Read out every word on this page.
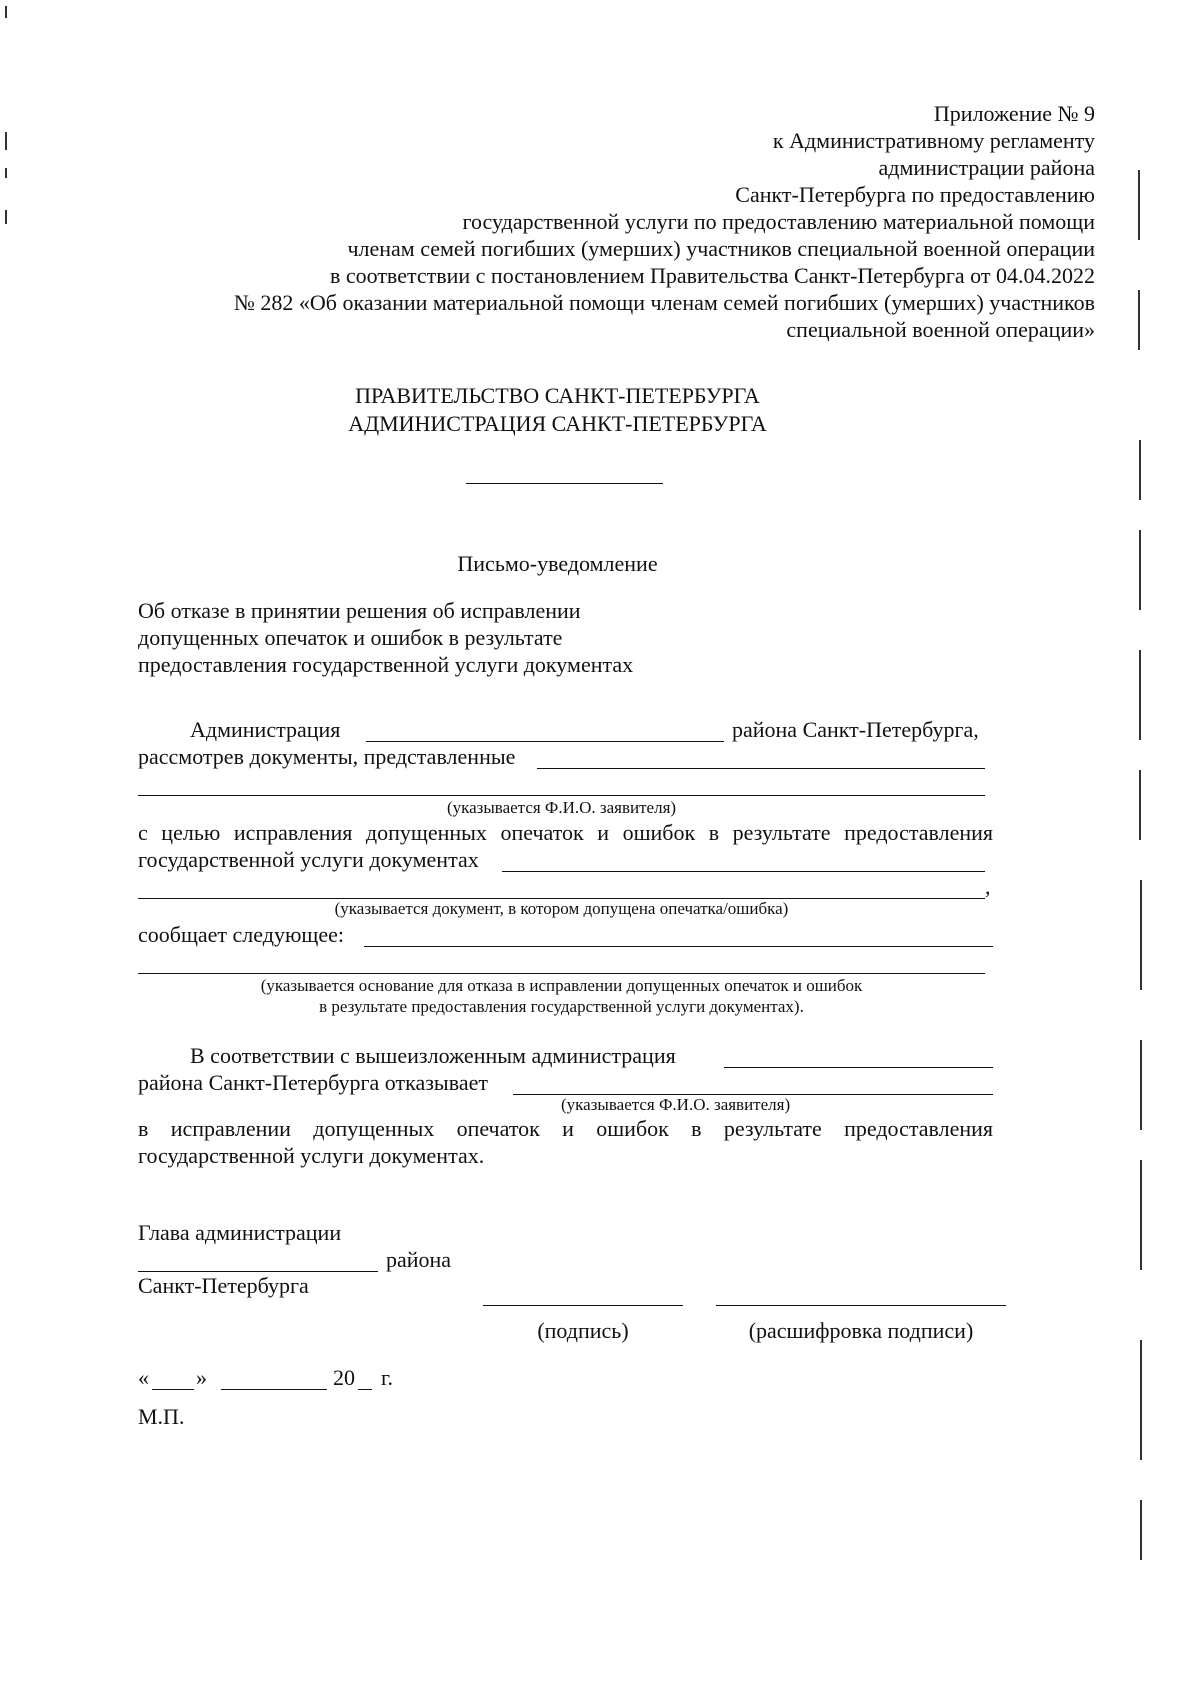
Приложение № 9
к Административному регламенту
администрации района
Санкт-Петербурга по предоставлению
государственной услуги по предоставлению материальной помощи
членам семей погибших (умерших) участников специальной военной операции
в соответствии с постановлением Правительства Санкт-Петербурга от 04.04.2022
№ 282 «Об оказании материальной помощи членам семей погибших (умерших) участников
специальной военной операции»
ПРАВИТЕЛЬСТВО САНКТ-ПЕТЕРБУРГА
АДМИНИСТРАЦИЯ САНКТ-ПЕТЕРБУРГА
Письмо-уведомление
Об отказе в принятии решения об исправлении
допущенных опечаток и ошибок в результате
предоставления государственной услуги документах
Администрация	района Санкт-Петербурга,
рассмотрев документы, представленные
(указывается Ф.И.О. заявителя)
с целью исправления допущенных опечаток и ошибок в результате предоставления
государственной услуги документах
,
(указывается документ, в котором допущена опечатка/ошибка)
сообщает следующее:
(указывается основание для отказа в исправлении допущенных опечаток и ошибок
в результате предоставления государственной услуги документах).
В соответствии с вышеизложенным администрация
района Санкт-Петербурга отказывает
(указывается Ф.И.О. заявителя)
в исправлении допущенных опечаток и ошибок в результате предоставления
государственной услуги документах.
Глава администрации
района
Санкт-Петербурга
(подпись)	(расшифровка подписи)
« »	20 г.
М.П.
